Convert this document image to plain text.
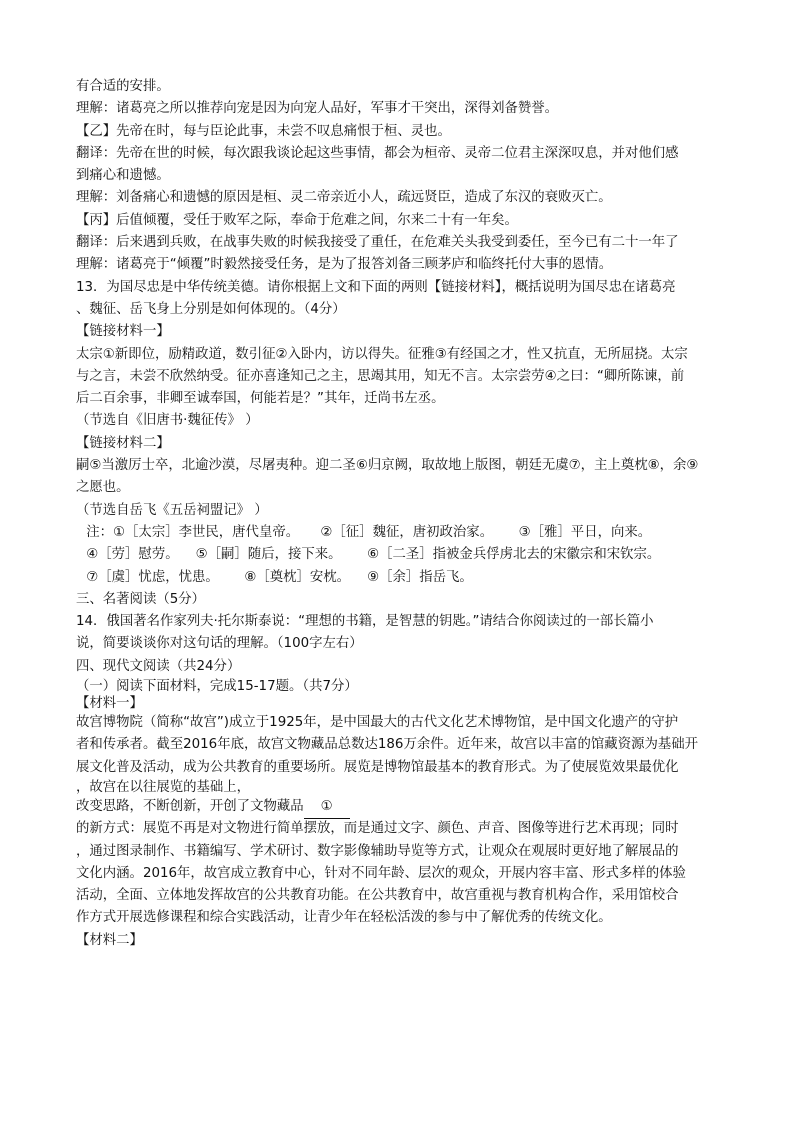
有合适的安排。
理解：诸葛亮之所以推荐向宠是因为向宠人品好，军事才干突出，深得刘备赞誉。
【乙】先帝在时，每与臣论此事，未尝不叹息痛恨于桓、灵也。
翻译：先帝在世的时候，每次跟我谈论起这些事情，都会为桓帝、灵帝二位君主深深叹息，并对他们感
到痛心和遗憾。
理解：刘备痛心和遗憾的原因是桓、灵二帝亲近小人，疏远贤臣，造成了东汉的衰败灭亡。
【丙】后值倾覆，受任于败军之际，奉命于危难之间，尔来二十有一年矣。
翻译：后来遇到兵败，在战事失败的时候我接受了重任，在危难关头我受到委任，至今已有二十一年了
理解：诸葛亮于“倾覆”时毅然接受任务，是为了报答刘备三顾茅庐和临终托付大事的恩情。
13．为国尽忠是中华传统美德。请你根据上文和下面的两则【链接材料】，概括说明为国尽忠在诸葛亮
、魏征、岳飞身上分别是如何体现的。（4分）
【链接材料一】
太宗①新即位，励精政道，数引征②入卧内，访以得失。征雅③有经国之才，性又抗直，无所屈挠。太宗
与之言，未尝不欣然纳受。征亦喜逢知己之主，思竭其用，知无不言。太宗尝劳④之曰：“卿所陈谏，前
后二百余事，非卿至诚奉国，何能若是？”其年，迁尚书左丞。
（节选自《旧唐书·魏征传》 ）
【链接材料二】
嗣⑤当激厉士卒，北逾沙漠，尽屠夷种。迎二圣⑥归京阙，取故地上版图，朝廷无虞⑦，主上奠枕⑧，余⑨
之愿也。
（节选自岳飞《五岳祠盟记》 ）
注：①［太宗］李世民，唐代皇帝。     ②［征］魏征，唐初政治家。      ③［雅］平日，向来。
④［劳］慰劳。    ⑤［嗣］随后，接下来。      ⑥［二圣］指被金兵俘虏北去的宋徽宗和宋钦宗。
⑦［虞］忧虑，忧患。      ⑧［奠枕］安枕。    ⑨［余］指岳飞。
三、名著阅读（5分）
14．俄国著名作家列夫·托尔斯泰说：“理想的书籍，是智慧的钥匙。”请结合你阅读过的一部长篇小
说，简要谈谈你对这句话的理解。（100字左右）
四、现代文阅读（共24分）
（一）阅读下面材料，完成15-17题。（共7分）
【材料一】
故宫博物院（简称“故宫”)成立于1925年，是中国最大的古代文化艺术博物馆，是中国文化遗产的守护
者和传承者。截至2016年底，故宫文物藏品总数达186万余件。近年来，故宫以丰富的馆藏资源为基础开
展文化普及活动，成为公共教育的重要场所。展览是博物馆最基本的教育形式。为了使展览效果最优化
，故宫在以往展览的基础上，
改变思路，不断创新，开创了文物藏品 ①
的新方式：展览不再是对文物进行简单摆放，而是通过文字、颜色、声音、图像等进行艺术再现；同时
，通过图录制作、书籍编写、学术研讨、数字影像辅助导览等方式，让观众在观展时更好地了解展品的
文化内涵。2016年，故宫成立教育中心，针对不同年龄、层次的观众，开展内容丰富、形式多样的体验
活动，全面、立体地发挥故宫的公共教育功能。在公共教育中，故宫重视与教育机构合作，采用馆校合
作方式开展选修课程和综合实践活动，让青少年在轻松活泼的参与中了解优秀的传统文化。
【材料二】
